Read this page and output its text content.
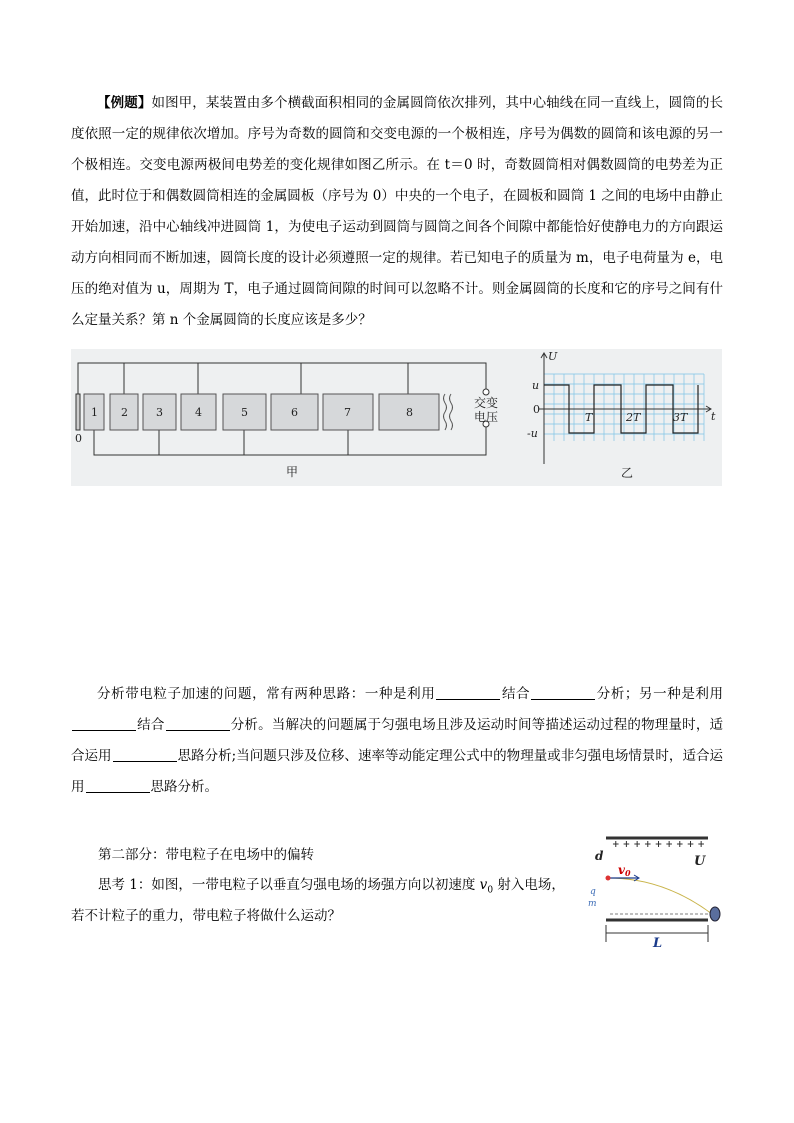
【例题】如图甲，某装置由多个横截面积相同的金属圆筒依次排列，其中心轴线在同一直线上，圆筒的长度依照一定的规律依次增加。序号为奇数的圆筒和交变电源的一个极相连，序号为偶数的圆筒和该电源的另一个极相连。交变电源两极间电势差的变化规律如图乙所示。在 t＝0 时，奇数圆筒相对偶数圆筒的电势差为正值，此时位于和偶数圆筒相连的金属圆板（序号为 0）中央的一个电子，在圆板和圆筒 1 之间的电场中由静止开始加速，沿中心轴线冲进圆筒 1，为使电子运动到圆筒与圆筒之间各个间隙中都能恰好使静电力的方向跟运动方向相同而不断加速，圆筒长度的设计必须遵照一定的规律。若已知电子的质量为 m，电子电荷量为 e，电压的绝对值为 u，周期为 T，电子通过圆筒间隙的时间可以忽略不计。则金属圆筒的长度和它的序号之间有什么定量关系？第 n 个金属圆筒的长度应该是多少？
0
1 2	3	4	5	6	7	8
交变
电压
甲
U
t
u
0
-u
T	2T	3T
乙
分析带电粒子加速的问题，常有两种思路：一种是利用	结合	分析；另一种是利用结合	分析。当解决的问题属于匀强电场且涉及运动时间等描述运动过程的物理量时，适合运用	思路分析;当问题只涉及位移、速率等动能定理公式中的物理量或非匀强电场情景时，适合运用	思路分析。
第二部分：带电粒子在电场中的偏转
思考 1：如图，一带电粒子以垂直匀强电场的场强方向以初速度 $v_0$ 射入电场，
若不计粒子的重力，带电粒子将做什么运动？
+ + + + + + + + +
d	U
v 0
q
m
L
